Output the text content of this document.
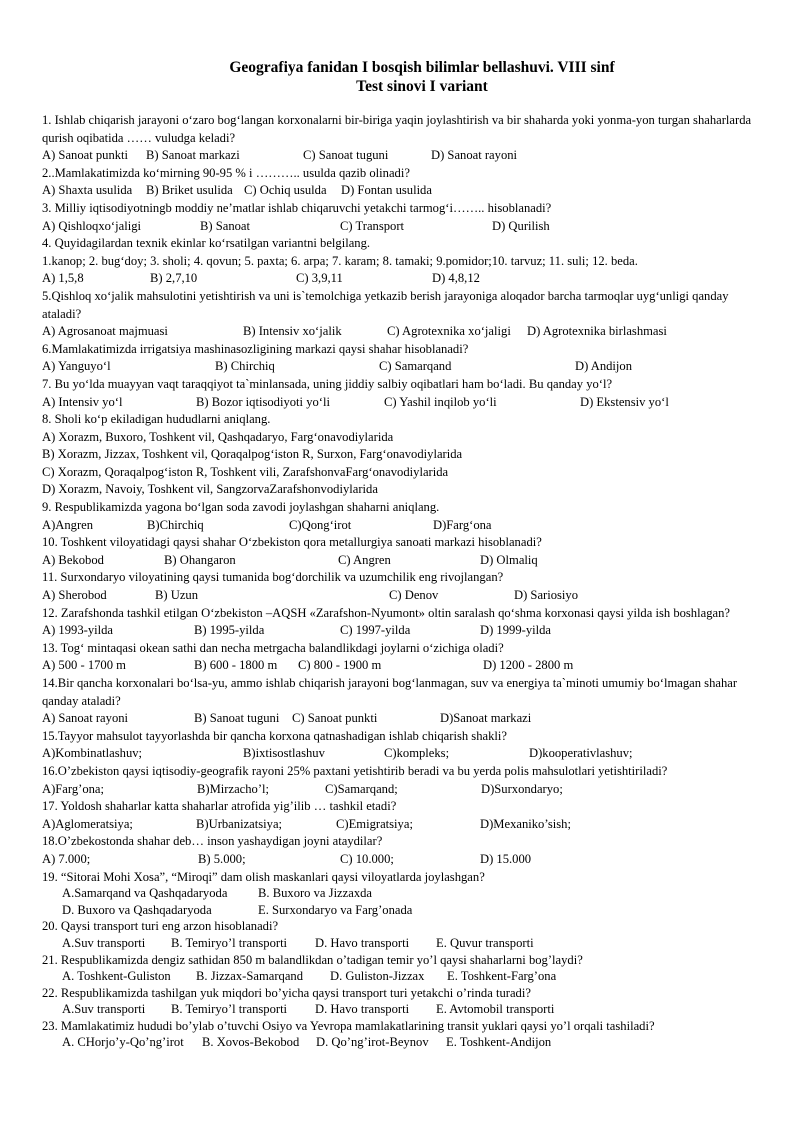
Geografiya fanidan I bosqish bilimlar bellashuvi. VIII sinf
Test sinovi I variant
1. Ishlab chiqarish jarayoni o‘zaro bog‘langan korxonalarni bir-biriga yaqin joylashtirish va bir shaharda yoki yonma-yon turgan shaharlarda qurish oqibatida …… vuludga keladi?
A) Sanoat punkti	B) Sanoat markazi	C) Sanoat tuguni	D) Sanoat rayoni
2..Mamlakatimizda ko‘mirning 90-95 % i ……….. usulda qazib olinadi?
A) Shaxta usulida	B) Briket usulida C) Ochiq usulda	D) Fontan usulida
3. Milliy iqtisodiyotningb moddiy ne’matlar ishlab chiqaruvchi yetakchi tarmog‘i…….. hisoblanadi?
A) Qishloqxo‘jaligi	B) Sanoat	C) Transport	D) Qurilish
4. Quyidagilardan texnik ekinlar ko‘rsatilgan variantni belgilang.
1.kanop; 2. bug‘doy; 3. sholi; 4. qovun; 5. paxta; 6. arpa; 7. karam; 8. tamaki; 9.pomidor;10. tarvuz; 11. suli; 12. beda.
A) 1,5,8	B) 2,7,10	C) 3,9,11	D) 4,8,12
5.Qishloq xo‘jalik mahsulotini yetishtirish va uni is`temolchiga yetkazib berish jarayoniga aloqador barcha tarmoqlar uyg‘unligi qanday ataladi?
A) Agrosanoat majmuasi	B) Intensiv xo‘jalik	C) Agrotexnika xo‘jaligi	D) Agrotexnika birlashmasi
6.Mamlakatimizda irrigatsiya mashinasozligining markazi qaysi shahar hisoblanadi?
A) Yanguyo‘l	B) Chirchiq	C) Samarqand	D) Andijon
7. Bu yo‘lda muayyan vaqt taraqqiyot ta`minlansada, uning jiddiy salbiy oqibatlari ham bo‘ladi. Bu qanday yo‘l?
A) Intensiv yo‘l	B) Bozor iqtisodiyoti yo‘li	C) Yashil inqilob yo‘li	D) Ekstensiv yo‘l
8. Sholi ko‘p ekiladigan hududlarni aniqlang.
A) Xorazm, Buxoro, Toshkent vil, Qashqadaryo, Farg‘onavodiylarida
B) Xorazm, Jizzax, Toshkent vil, Qoraqalpog‘iston R, Surxon, Farg‘onavodiylarida
C) Xorazm, Qoraqalpog‘iston R, Toshkent vili, ZarafshonvaFarg‘onavodiylarida
D) Xorazm, Navoiy, Toshkent vil, SangzorvaZarafshonvodiylarida
9. Respublikamizda yagona bo‘lgan soda zavodi joylashgan shaharni aniqlang.
A)Angren	B)Chirchiq	C)Qong‘irot	D)Farg‘ona
10. Toshkent viloyatidagi qaysi shahar O‘zbekiston qora metallurgiya sanoati markazi hisoblanadi?
A) Bekobod	B) Ohangaron	C) Angren	D) Olmaliq
11. Surxondaryo viloyatining qaysi tumanida bog‘dorchilik va uzumchilik eng rivojlangan?
A) Sherobod	B) Uzun	C) Denov	D) Sariosiyo
12. Zarafshonda tashkil etilgan O‘zbekiston –AQSH «Zarafshon-Nyumont» oltin saralash qo‘shma korxonasi qaysi yilda ish boshlagan?
A) 1993-yilda	B) 1995-yilda	C) 1997-yilda	D) 1999-yilda
13. Tog‘ mintaqasi okean sathi dan necha metrgacha balandlikdagi joylarni o‘zichiga oladi?
A) 500 - 1700 m	B) 600 - 1800 m	C) 800 - 1900 m	D) 1200 - 2800 m
14.Bir qancha korxonalari bo‘lsa-yu, ammo ishlab chiqarish jarayoni bog‘lanmagan, suv va energiya ta`minoti umumiy bo‘lmagan shahar qanday ataladi?
A) Sanoat rayoni	B) Sanoat tuguni	C) Sanoat punkti	D)Sanoat markazi
15.Tayyor mahsulot tayyorlashda bir qancha korxona qatnashadigan ishlab chiqarish shakli?
A)Kombinatlashuv;	B)ixtisostlashuv	C)kompleks;	D)kooperativlashuv;
16.O’zbekiston qaysi iqtisodiy-geografik rayoni 25% paxtani yetishtirib beradi va bu yerda polis mahsulotlari yetishtiriladi?
A)Farg’ona;	B)Mirzacho’l;	C)Samarqand;	D)Surxondaryo;
17. Yoldosh shaharlar katta shaharlar atrofida yig’ilib … tashkil etadi?
A)Aglomeratsiya;	B)Urbanizatsiya;	C)Emigratsiya;	D)Mexaniko’sish;
18.O’zbekostonda shahar deb… inson yashaydigan joyni ataydilar?
A) 7.000;	B) 5.000;	C) 10.000;	D) 15.000
19. “Sitorai Mohi Xosa”, “Miroqi” dam olish maskanlari qaysi viloyatlarda joylashgan?
A.Samarqand va Qashqadaryoda	B. Buxoro va Jizzaxda
D. Buxoro va Qashqadaryoda	E. Surxondaryo va Farg’onada
20. Qaysi transport turi eng arzon hisoblanadi?
A.Suv transporti	B. Temiryo’l transporti	D. Havo transporti	E. Quvur transporti
21. Respublikamizda dengiz sathidan 850 m balandlikdan o’tadigan temir yo’l qaysi shaharlarni bog’laydi?
A. Toshkent-Guliston	B. Jizzax-Samarqand	D. Guliston-Jizzax	E. Toshkent-Farg’ona
22. Respublikamizda tashilgan yuk miqdori bo’yicha qaysi transport turi yetakchi o’rinda turadi?
A.Suv transporti	B. Temiryo’l transporti	D. Havo transporti	E. Avtomobil transporti
23. Mamlakatimiz hududi bo’ylab o’tuvchi Osiyo va Yevropa mamlakatlarining transit yuklari qaysi yo’l orqali tashiladi?
A. CHorjo’y-Qo’ng’irot	B. Xovos-Bekobod	D. Qo’ng’irot-Beynov	E. Toshkent-Andijon
